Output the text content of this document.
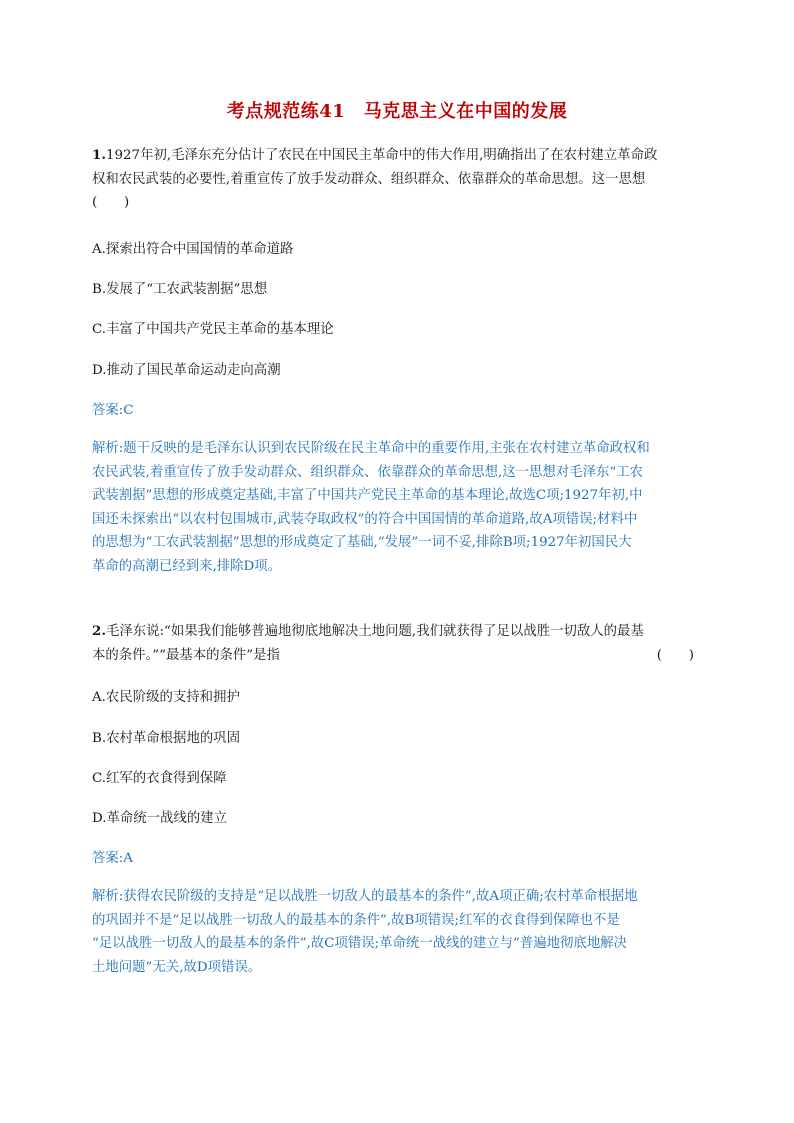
考点规范练41　马克思主义在中国的发展
1.1927年初,毛泽东充分估计了农民在中国民主革命中的伟大作用,明确指出了在农村建立革命政
权和农民武装的必要性,着重宣传了放手发动群众、组织群众、依靠群众的革命思想。这一思想
(　　)
A.探索出符合中国国情的革命道路
B.发展了“工农武装割据”思想
C.丰富了中国共产党民主革命的基本理论
D.推动了国民革命运动走向高潮
答案:C
解析:题干反映的是毛泽东认识到农民阶级在民主革命中的重要作用,主张在农村建立革命政权和
农民武装,着重宣传了放手发动群众、组织群众、依靠群众的革命思想,这一思想对毛泽东“工农
武装割据”思想的形成奠定基础,丰富了中国共产党民主革命的基本理论,故选C项;1927年初,中
国还未探索出“以农村包围城市,武装夺取政权”的符合中国国情的革命道路,故A项错误;材料中
的思想为“工农武装割据”思想的形成奠定了基础,“发展”一词不妥,排除B项;1927年初国民大
革命的高潮已经到来,排除D项。
2.毛泽东说:“如果我们能够普遍地彻底地解决土地问题,我们就获得了足以战胜一切敌人的最基
本的条件。”“最基本的条件”是指	(　　)
A.农民阶级的支持和拥护
B.农村革命根据地的巩固
C.红军的衣食得到保障
D.革命统一战线的建立
答案:A
解析:获得农民阶级的支持是“足以战胜一切敌人的最基本的条件”,故A项正确;农村革命根据地
的巩固并不是“足以战胜一切敌人的最基本的条件”,故B项错误;红军的衣食得到保障也不是
“足以战胜一切敌人的最基本的条件”,故C项错误;革命统一战线的建立与“普遍地彻底地解决
土地问题”无关,故D项错误。
